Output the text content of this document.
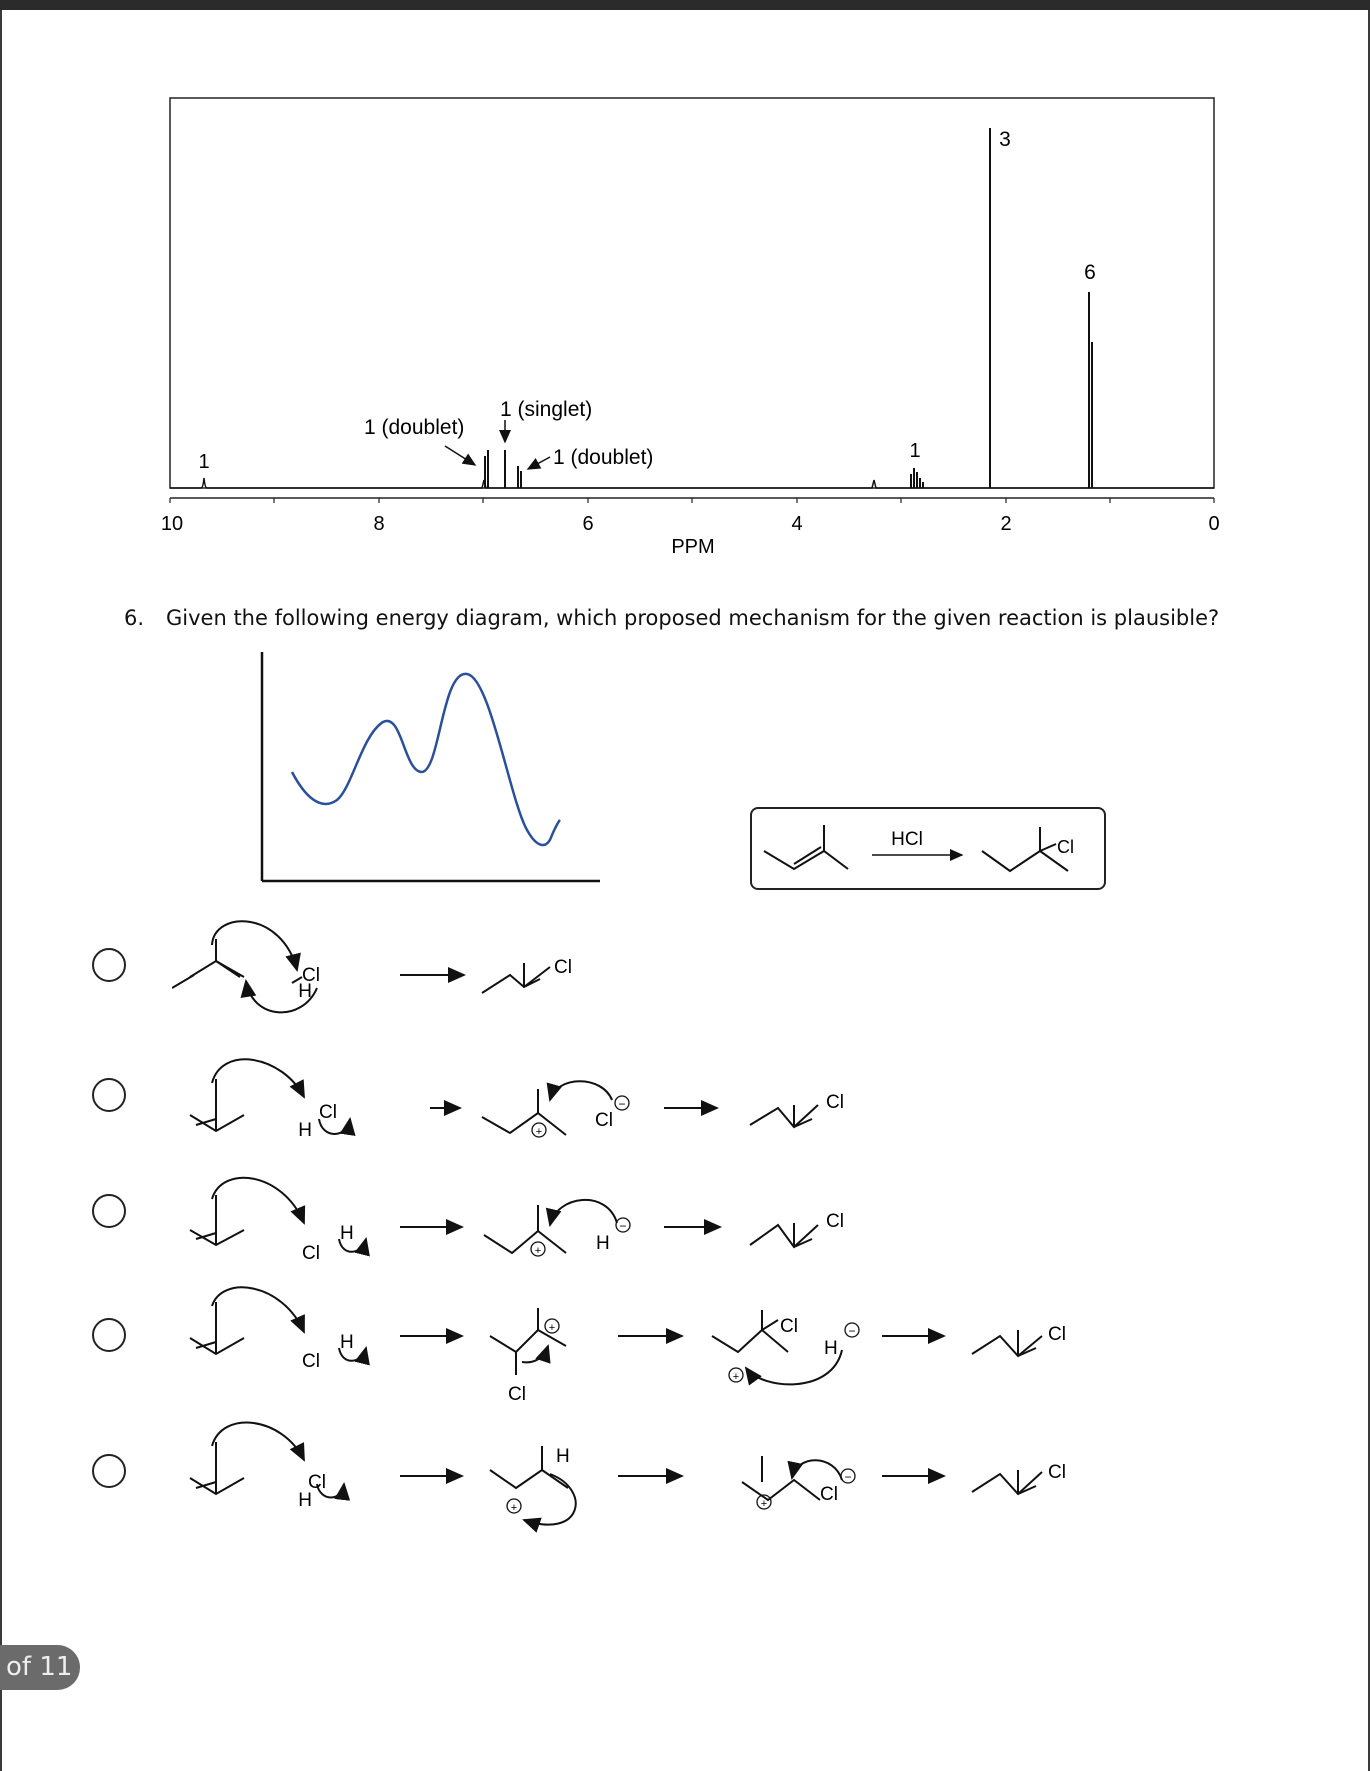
10	8	6	4	2	0
PPM
1
1 (doublet)
1 (singlet)
1 (doublet)	1
3
6
6. Given the following energy diagram, which proposed mechanism for the given reaction is plausible?
HCl	Cl
H
Cl	Cl
+
H
Cl	Cl
−	Cl
+
Cl
H	H
−	Cl
+
+
Cl
H
Cl
Cl
H
−	Cl
+	+
H
Cl
H
Cl
−	Cl
of 11
